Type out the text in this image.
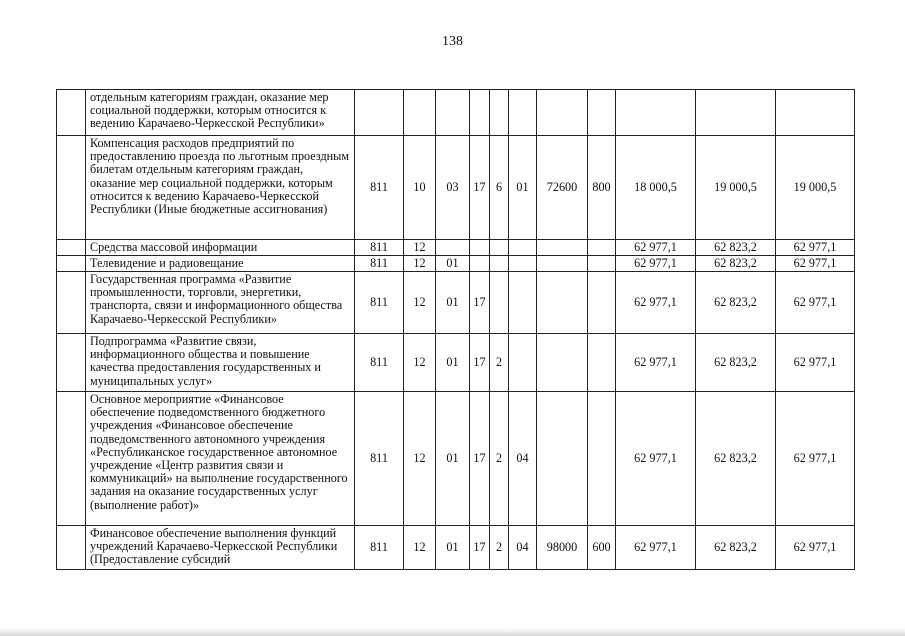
138
	отдельным категориям граждан, оказание мер социальной поддержки, которым относится к ведению Карачаево-Черкесской Республики»											
	Компенсация расходов предприятий по предоставлению проезда по льготным проездным билетам отдельным категориям граждан, оказание мер социальной поддержки, которым относится к ведению Карачаево-Черкесской Республики (Иные бюджетные ассигнования)	811	10	03	17	6	01	72600	800	18 000,5	19 000,5	19 000,5
	Средства массовой информации	811	12							62 977,1	62 823,2	62 977,1
	Телевидение и радиовещание	811	12	01						62 977,1	62 823,2	62 977,1
	Государственная программа «Развитие промышленности, торговли, энергетики, транспорта, связи и информационного общества Карачаево-Черкесской Республики»	811	12	01	17					62 977,1	62 823,2	62 977,1
	Подпрограмма «Развитие связи, информационного общества и повышение качества предоставления государственных и муниципальных услуг»	811	12	01	17	2				62 977,1	62 823,2	62 977,1
	Основное мероприятие «Финансовое обеспечение подведомственного бюджетного учреждения «Финансовое обеспечение подведомственного автономного учреждения «Республиканское государственное автономное учреждение «Центр развития связи и коммуникаций» на выполнение государственного задания на оказание государственных услуг (выполнение работ)»	811	12	01	17	2	04			62 977,1	62 823,2	62 977,1
	Финансовое обеспечение выполнения функций учреждений Карачаево-Черкесской Республики (Предоставление субсидий	811	12	01	17	2	04	98000	600	62 977,1	62 823,2	62 977,1
